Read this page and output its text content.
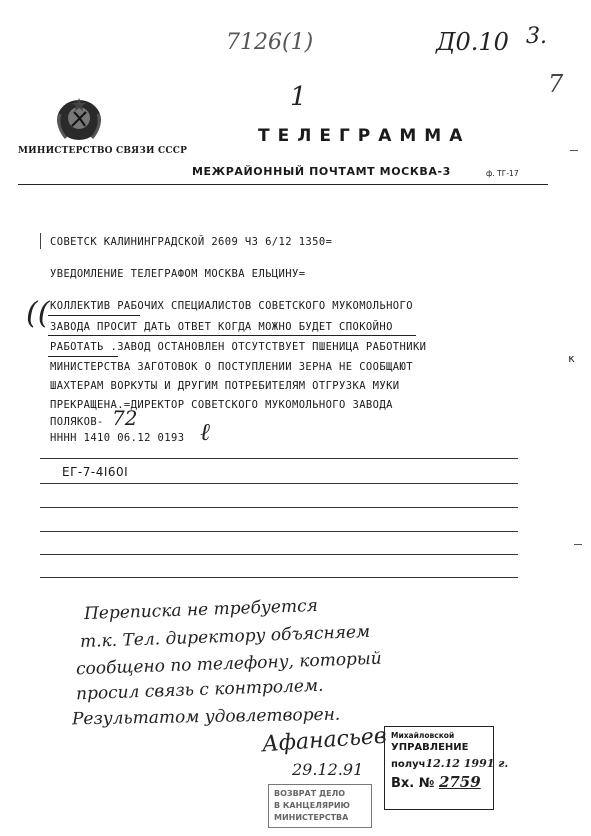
7126(1)	Д0.10 3.
1	7
МИНИСТЕРСТВО СВЯЗИ СССР
ТЕЛЕГРАММА
МЕЖРАЙОННЫЙ ПОЧТАМТ МОСКВА-3	ф. ТГ-17
СОВЕТСК КАЛИНИНГРАДСКОЙ 2609 ЧЗ 6/12 1350=
УВЕДОМЛЕНИЕ ТЕЛЕГРАФОМ МОСКВА ЕЛЬЦИНУ=
(( КОЛЛЕКТИВ РАБОЧИХ СПЕЦИАЛИСТОВ СОВЕТСКОГО МУКОМОЛЬНОГО
ЗАВОДА ПРОСИТ ДАТЬ ОТВЕТ КОГДА МОЖНО БУДЕТ СПОКОЙНО
РАБОТАТЬ .ЗАВОД ОСТАНОВЛЕН ОТСУТСТВУЕТ ПШЕНИЦА РАБОТНИКИ
МИНИСТЕРСТВА ЗАГОТОВОК О ПОСТУПЛЕНИИ ЗЕРНА НЕ СООБЩАЮТ
ШАХТЕРАМ ВОРКУТЫ И ДРУГИМ ПОТРЕБИТЕЛЯМ ОТГРУЗКА МУКИ
ПРЕКРАЩЕНА.=ДИРЕКТОР СОВЕТСКОГО МУКОМОЛЬНОГО ЗАВОДА
ПОЛЯКОВ- 72
НННН 1410 06.12 0193 ℓ
ЕГ-7-4I60I
ĸ
Переписка не требуется
т.к. Тел. директору объясняем
сообщено по телефону, который
просил связь с контролем.
Результатом удовлетворен.
Афанасьев
29.12.91
Михайловской
УПРАВЛЕНИЕ
получ12.12 1991 г.
Вх. № 2759
ВОЗВРАТ ДЕЛО
В КАНЦЕЛЯРИЮ
МИНИСТЕРСТВА
